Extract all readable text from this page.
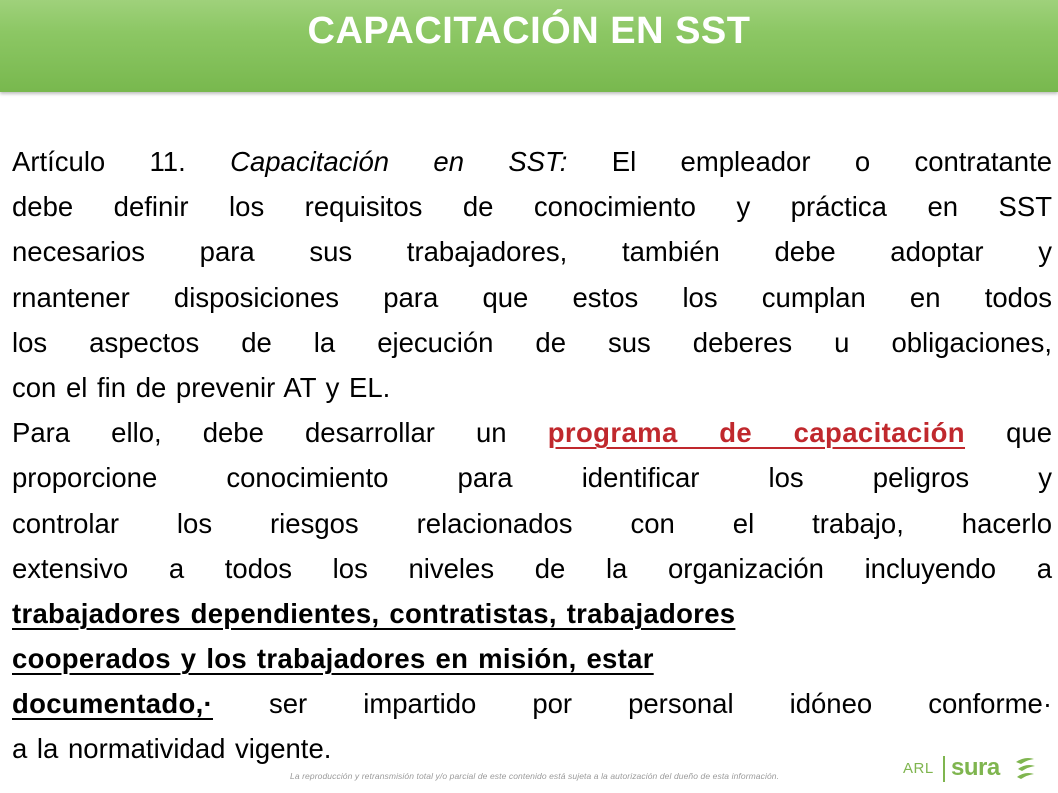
CAPACITACIÓN EN SST
Artículo 11. Capacitación en SST: El empleador o contratante
debe definir los requisitos de conocimiento y práctica en SST
necesarios para sus trabajadores, también debe adoptar y
rnantener disposiciones para que estos los cumplan en todos
los aspectos de la ejecución de sus deberes u obligaciones,
con el fin de prevenir AT y EL.
Para ello, debe desarrollar un programa de capacitación que
proporcione conocimiento para identificar los peligros y
controlar los riesgos relacionados con el trabajo, hacerlo
extensivo a todos los niveles de la organización incluyendo a
trabajadores dependientes, contratistas, trabajadores
cooperados y los trabajadores en misión, estar
documentado,· ser impartido por personal idóneo conforme·
a la normatividad vigente.
La reproducción y retransmisión total y/o parcial de este contenido está sujeta a la autorización del dueño de esta información.	ARL sura
